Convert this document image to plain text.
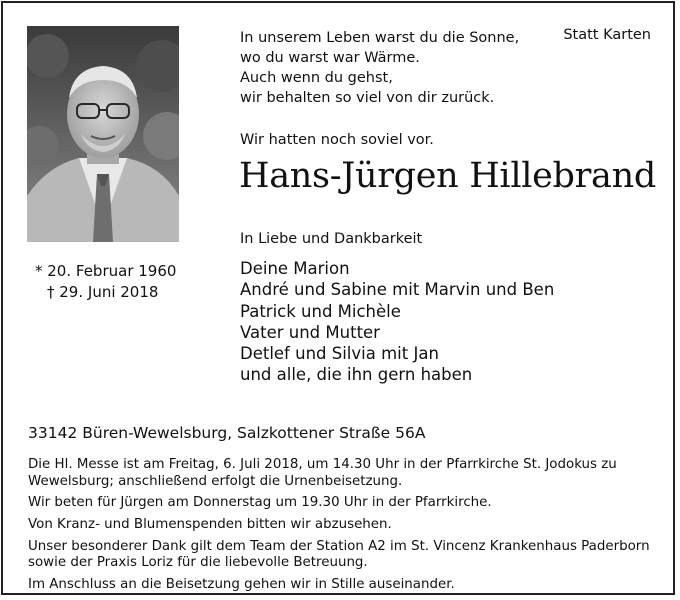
In unserem Leben warst du die Sonne,
wo du warst war Wärme.
Auch wenn du gehst,
wir behalten so viel von dir zurück.
Statt Karten
Wir hatten noch soviel vor.
Hans-Jürgen Hillebrand
In Liebe und Dankbarkeit
* 20. Februar 1960
† 29. Juni 2018
Deine Marion
André und Sabine mit Marvin und Ben
Patrick und Michèle
Vater und Mutter
Detlef und Silvia mit Jan
und alle, die ihn gern haben
33142 Büren-Wewelsburg, Salzkottener Straße 56A

Die Hl. Messe ist am Freitag, 6. Juli 2018, um 14.30 Uhr in der Pfarrkirche St. Jodokus zu Wewelsburg; anschließend erfolgt die Urnenbeisetzung.

Wir beten für Jürgen am Donnerstag um 19.30 Uhr in der Pfarrkirche.

Von Kranz- und Blumenspenden bitten wir abzusehen.

Unser besonderer Dank gilt dem Team der Station A2 im St. Vincenz Krankenhaus Paderborn sowie der Praxis Loriz für die liebevolle Betreuung.

Im Anschluss an die Beisetzung gehen wir in Stille auseinander.
